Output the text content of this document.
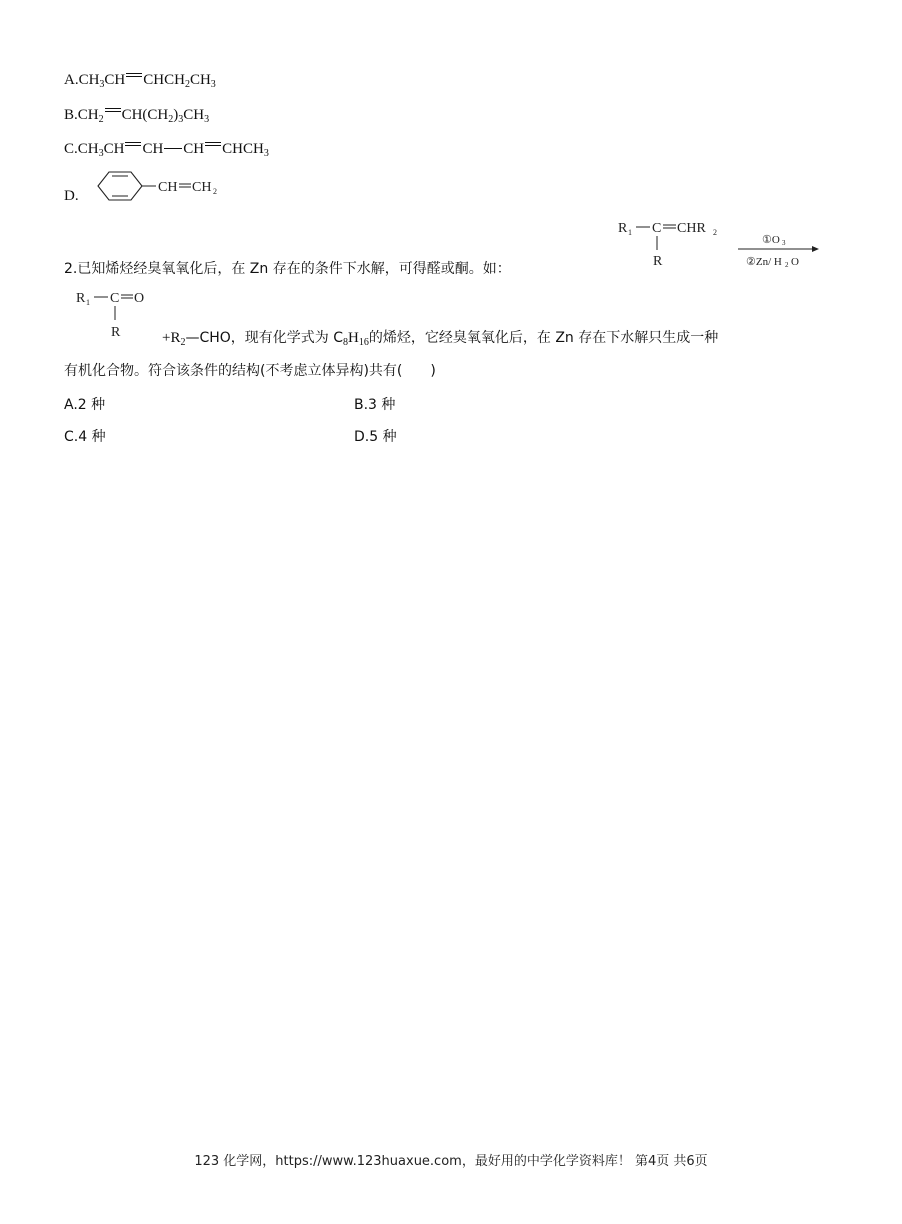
$A.CH_3CH$ $CHCH_2CH_3$
$B.CH_2$ $CH(CH_2)_3CH_3$
$C.CH_3CH$ CH CH $CHCH_3$
D.
CH CH 2
R 1 C CHR 2
R
①O 3
②Zn/ H 2 O
2.已知烯烃经臭氧氧化后，在 Zn 存在的条件下水解，可得醛或酮。如：
R 1 C O
R	$+R_2—CHO$，现有化学式为 $C_8H_{16}$的烯烃，它经臭氧氧化后，在 Zn 存在下水解只生成一种
有机化合物。符合该条件的结构(不考虑立体异构)共有(　　)
A.2 种	B.3 种
C.4 种	D.5 种
123 化学网，https://www.123huaxue.com，最好用的中学化学资料库！ 第4页 共6页
